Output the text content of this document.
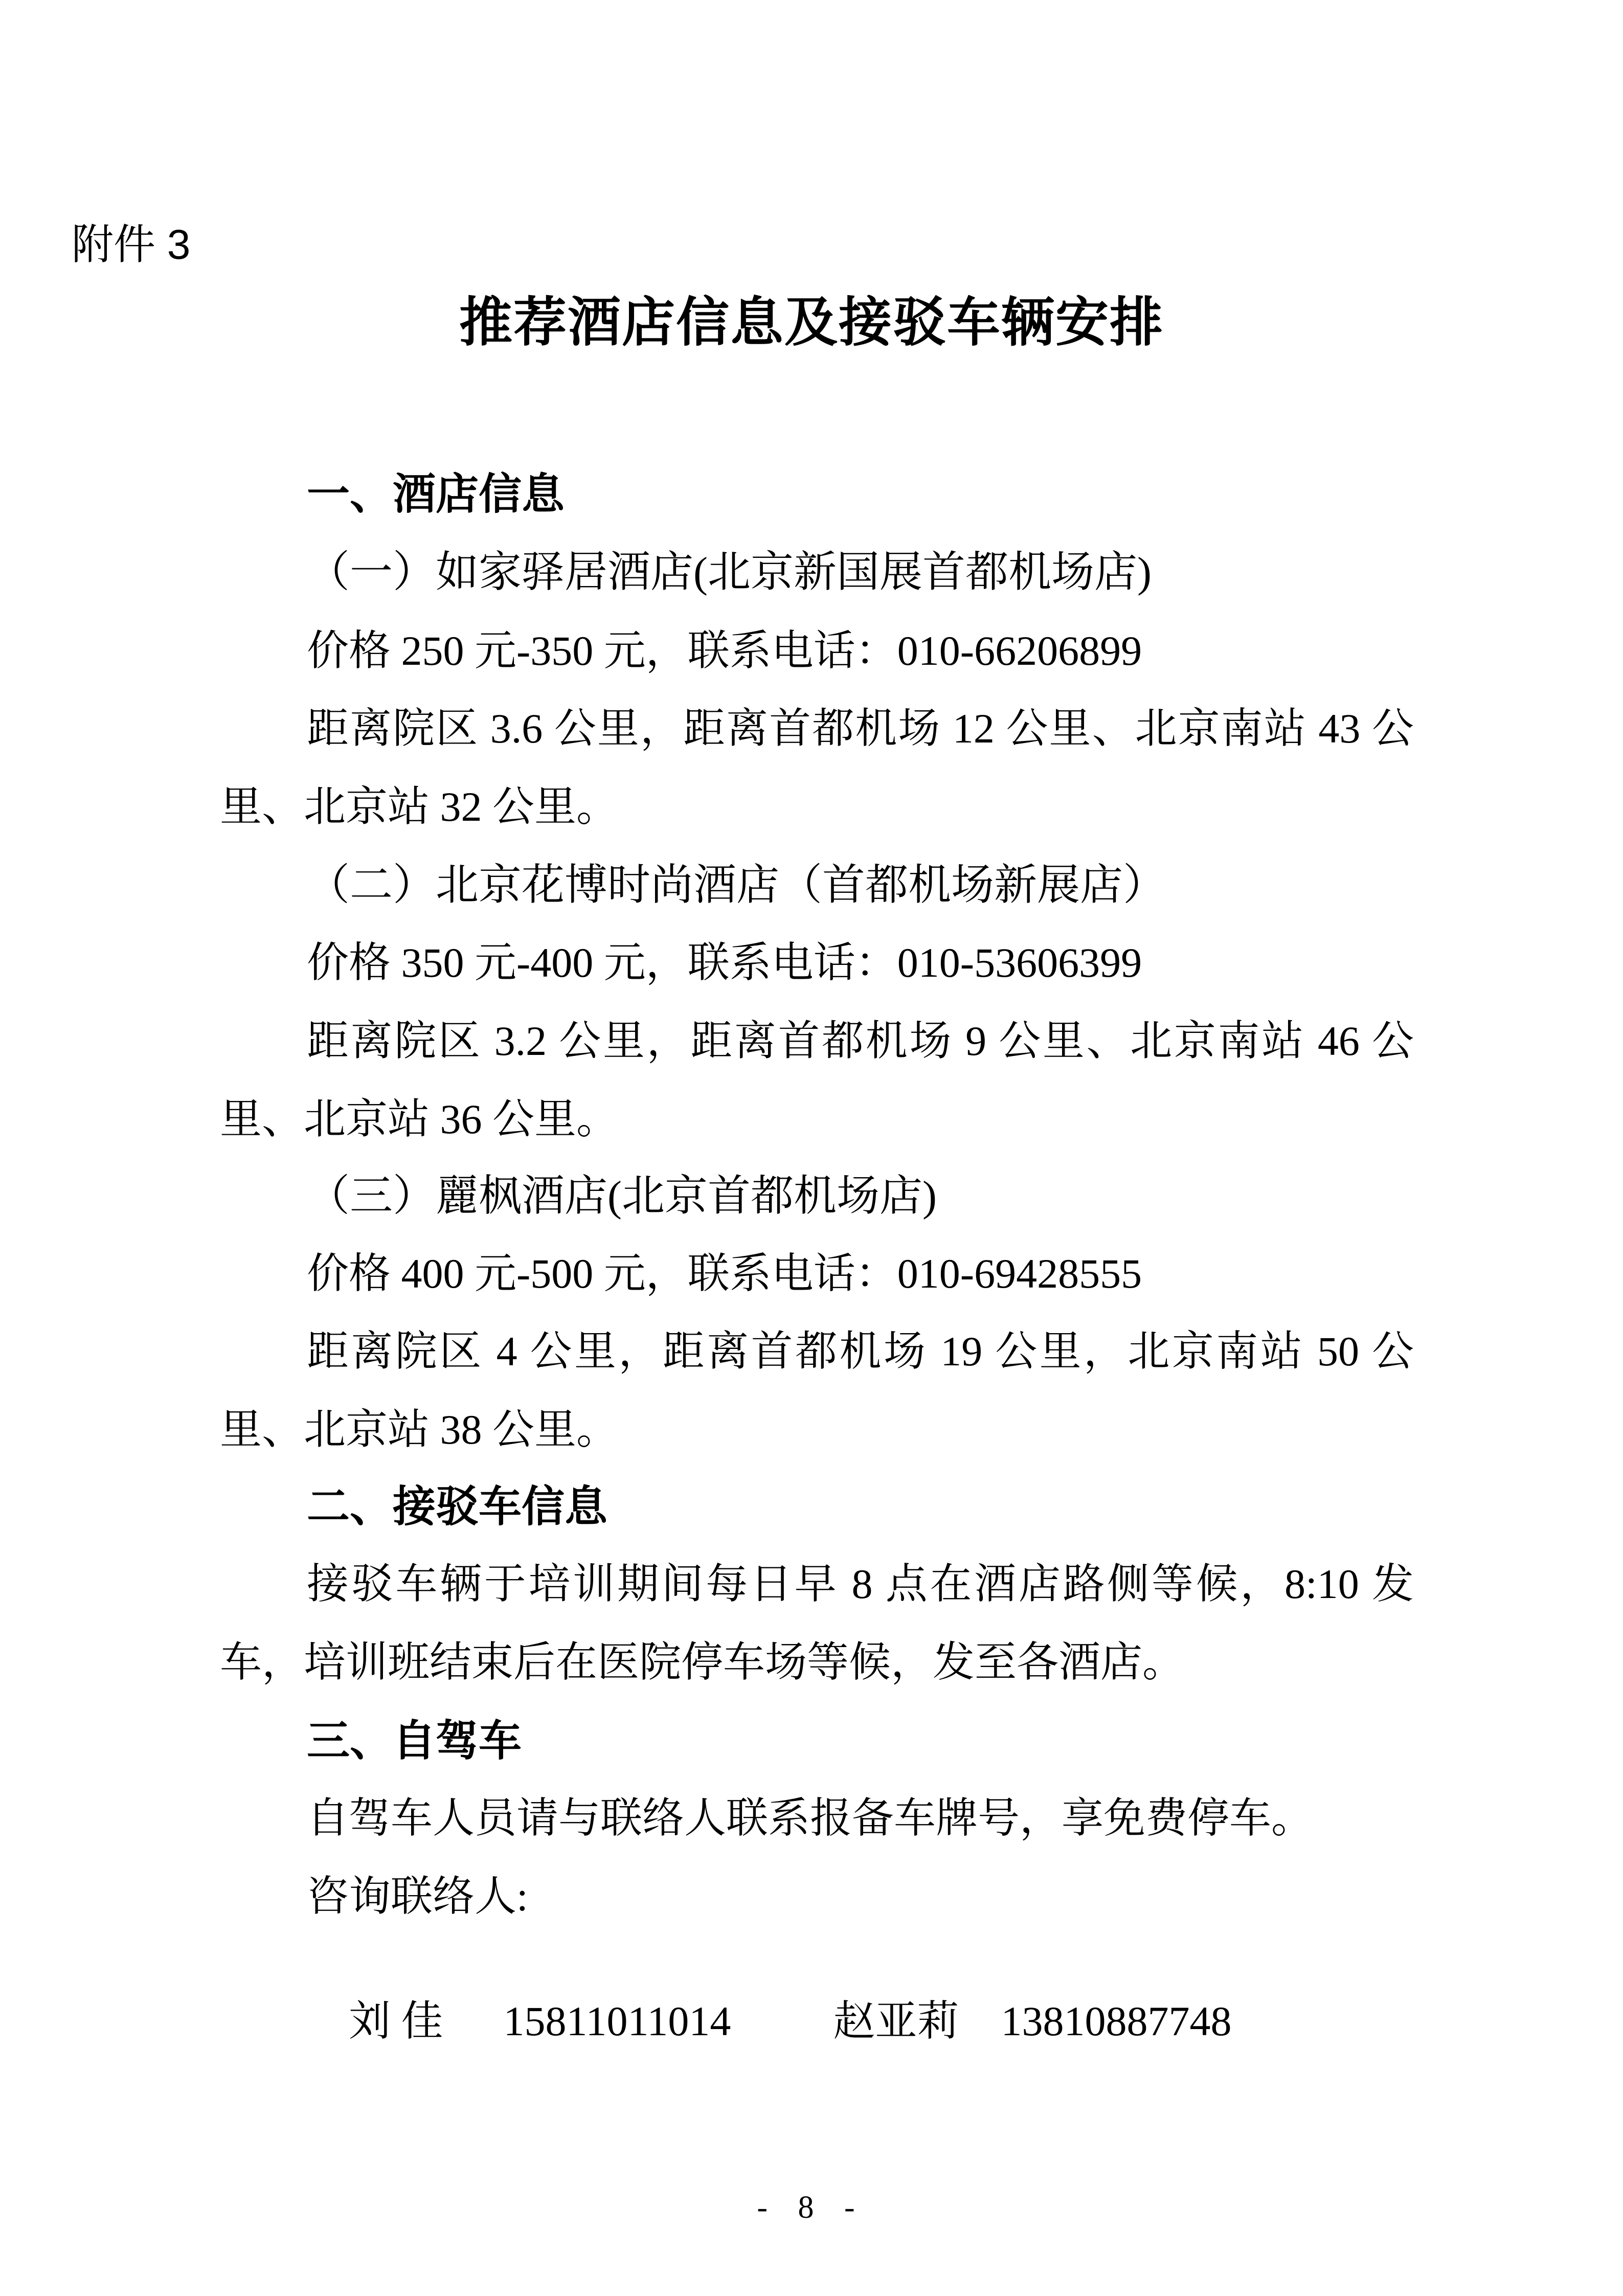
附件 3
推荐酒店信息及接驳车辆安排
一、酒店信息
（一）如家驿居酒店(北京新国展首都机场店)
价格 250 元-350 元，联系电话：010-66206899
距离院区 3.6 公里，距离首都机场 12 公里、北京南站 43 公
里、北京站 32 公里。
（二）北京花博时尚酒店（首都机场新展店）
价格 350 元-400 元，联系电话：010-53606399
距离院区 3.2 公里，距离首都机场 9 公里、北京南站 46 公
里、北京站 36 公里。
（三）麗枫酒店(北京首都机场店)
价格 400 元-500 元，联系电话：010-69428555
距离院区 4 公里，距离首都机场 19 公里，北京南站 50 公
里、北京站 38 公里。
二、接驳车信息
接驳车辆于培训期间每日早 8 点在酒店路侧等候，8:10 发
车，培训班结束后在医院停车场等候，发至各酒店。
三、自驾车
自驾车人员请与联络人联系报备车牌号，享免费停车。
咨询联络人:

刘 佳 15811011014 赵亚莉 13810887748

- 8 -
